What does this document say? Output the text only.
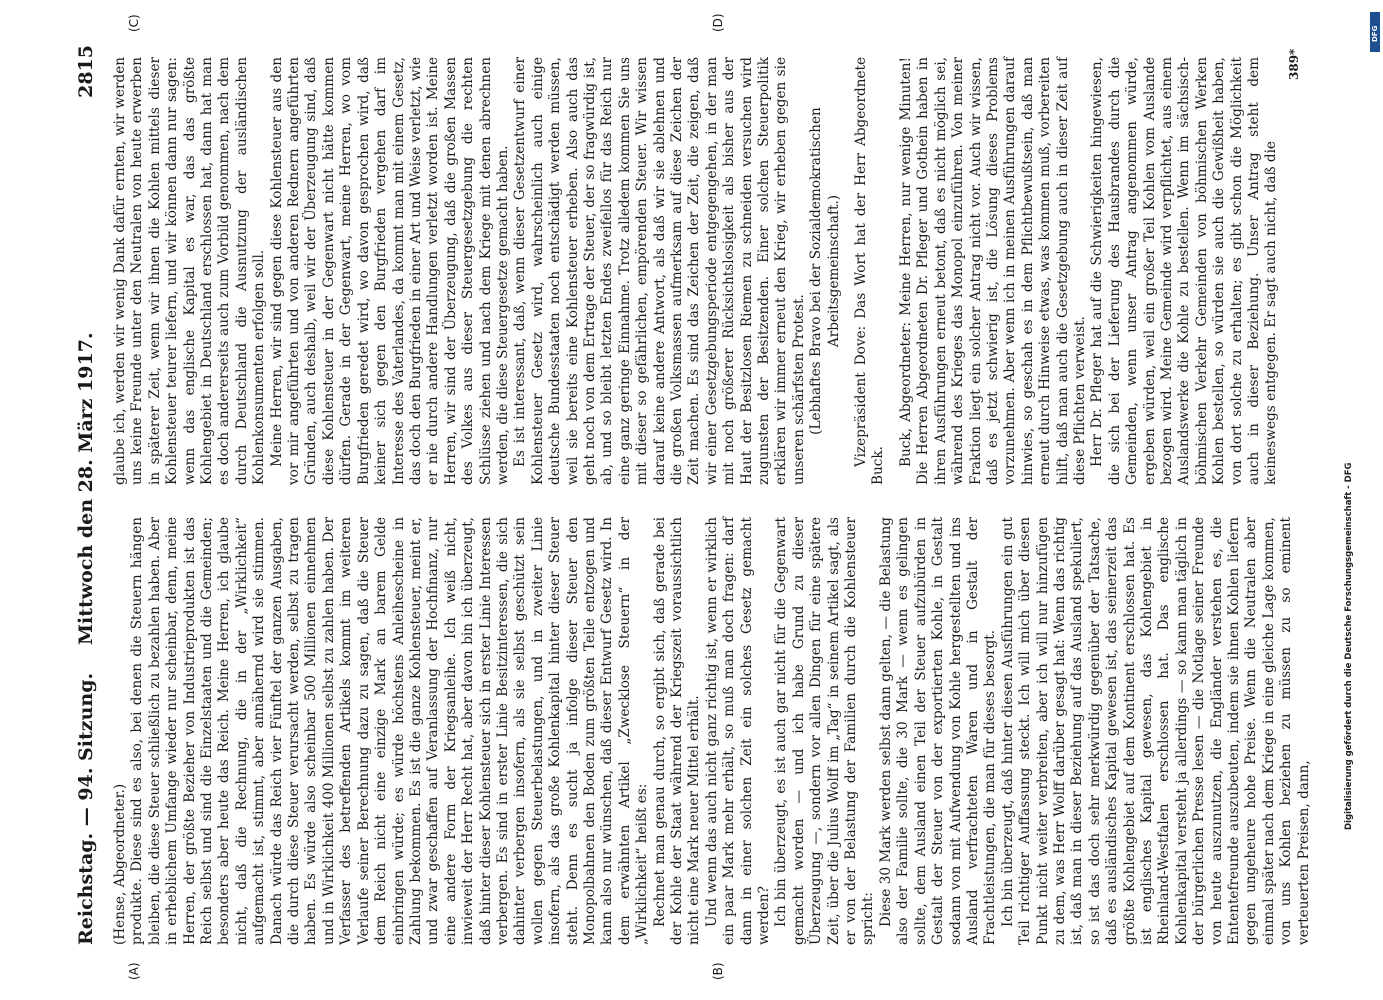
Reichstag. — 94. Sitzung.
Mittwoch den 28. März 1917.
2815
(A)	(B)
(C)	(D)

(Hense, Abgeordneter.) produkte. Diese sind es also, bei denen die Steuern hängen bleiben, die diese Steuer schließlich zu bezahlen haben. Aber in erheblichem Umfange wieder nur scheinbar, denn, meine Herren, der größte Bezieher von Industrieprodukten ist das Reich selbst und sind die Einzelstaaten und die Gemeinden; besonders aber heute das Reich. Meine Herren, ich glaube nicht, daß die Rechnung, die in der „Wirklichkeit“ aufgemacht ist, stimmt, aber annähernd wird sie stimmen. Danach würde das Reich vier Fünftel der ganzen Ausgaben, die durch diese Steuer verursacht werden, selbst zu tragen haben. Es würde also scheinbar 500 Millionen einnehmen und in Wirklichkeit 400 Millionen selbst zu zahlen haben. Der Verfasser des betreffenden Artikels kommt im weiteren Verlaufe seiner Berechnung dazu zu sagen, daß die Steuer dem Reich nicht eine einzige Mark an barem Gelde einbringen würde; es würde höchstens Anleihescheine in Zahlung bekommen. Es ist die ganze Kohlensteuer, meint er, und zwar geschaffen auf Veranlassung der Hochfinanz, nur eine andere Form der Kriegsanleihe. Ich weiß nicht, inwieweit der Herr Recht hat, aber davon bin ich überzeugt, daß hinter dieser Kohlensteuer sich in erster Linie Interessen verbergen. Es sind in erster Linie Besitzinteressen, die sich dahinter verbergen insofern, als sie selbst geschützt sein wollen gegen Steuerbelastungen, und in zweiter Linie insofern, als das große Kohlenkapital hinter dieser Steuer steht. Denn es sucht ja infolge dieser Steuer den Monopolbahnen den Boden zum größten Teile entzogen und kann also nur wünschen, daß dieser Entwurf Gesetz wird. In dem erwähnten Artikel „Zwecklose Steuern“ in der „Wirklichkeit“ heißt es: Rechnet man genau durch, so ergibt sich, daß gerade bei der Kohle der Staat während der Kriegszeit voraussichtlich nicht eine Mark neuer Mittel erhält. Und wenn das auch nicht ganz richtig ist, wenn er wirklich ein paar Mark mehr erhält, so muß man doch fragen: darf dann in einer solchen Zeit ein solches Gesetz gemacht werden? Ich bin überzeugt, es ist auch gar nicht für die Gegenwart gemacht worden — und ich habe Grund zu dieser Überzeugung —, sondern vor allen Dingen für eine spätere Zeit, über die Julius Wolff im „Tag“ in seinem Artikel sagt, als er von der Belastung der Familien durch die Kohlensteuer spricht: Diese 30 Mark werden selbst dann gelten, — die Belastung also der Familie sollte, die 30 Mark — wenn es gelingen sollte, dem Ausland einen Teil der Steuer aufzubürden in Gestalt der Steuer von der exportierten Kohle, in Gestalt sodann von mit Aufwendung von Kohle hergestellten und ins Ausland verfrachteten Waren und in Gestalt der Frachtleistungen, die man für dieses besorgt. Ich bin überzeugt, daß hinter diesen Ausführungen ein gut Teil richtiger Auffassung steckt. Ich will mich über diesen Punkt nicht weiter verbreiten, aber ich will nur hinzufügen zu dem, was Herr Wolff darüber gesagt hat: Wenn das richtig ist, daß man in dieser Beziehung auf das Ausland spekuliert, so ist das doch sehr merkwürdig gegenüber der Tatsache, daß es ausländisches Kapital gewesen ist, das seinerzeit das größte Kohlengebiet auf dem Kontinent erschlossen hat. Es ist englisches Kapital gewesen, das Kohlengebiet in Rheinland-Westfalen erschlossen hat. Das englische Kohlenkapital versteht ja allerdings — so kann man täglich in der bürgerlichen Presse lesen — die Notlage seiner Freunde von heute auszunutzen, die Engländer verstehen es, die Ententefreunde auszubeuten, indem sie ihnen Kohlen liefern gegen ungeheure hohe Preise. Wenn die Neutralen aber einmal später nach dem Kriege in eine gleiche Lage kommen, von uns Kohlen beziehen zu müssen zu so eminent verteuerten Preisen, dann,

glaube ich, werden wir wenig Dank dafür ernten, wir werden uns keine Freunde unter den Neutralen von heute erwerben in späterer Zeit, wenn wir ihnen die Kohlen mittels dieser Kohlensteuer teurer liefern, und wir können dann nur sagen: wenn das englische Kapital es war, das das größte Kohlengebiet in Deutschland erschlossen hat, dann hat man es doch andererseits auch zum Vorbild genommen, nach dem durch Deutschland die Ausnutzung der ausländischen Kohlenkonsumenten erfolgen soll. Meine Herren, wir sind gegen diese Kohlensteuer aus den vor mir angeführten und von anderen Rednern angeführten Gründen, auch deshalb, weil wir der Überzeugung sind, daß diese Kohlensteuer in der Gegenwart nicht hätte kommen dürfen. Gerade in der Gegenwart, meine Herren, wo vom Burgfrieden geredet wird, wo davon gesprochen wird, daß keiner sich gegen den Burgfrieden vergehen darf im Interesse des Vaterlandes, da kommt man mit einem Gesetz, das doch den Burgfrieden in einer Art und Weise verletzt, wie er nie durch andere Handlungen verletzt worden ist. Meine Herren, wir sind der Überzeugung, daß die großen Massen des Volkes aus dieser Steuergesetzgebung die rechten Schlüsse ziehen und nach dem Kriege mit denen abrechnen werden, die diese Steuergesetze gemacht haben. Es ist interessant, daß, wenn dieser Gesetzentwurf einer Kohlensteuer Gesetz wird, wahrscheinlich auch einige deutsche Bundesstaaten noch entschädigt werden müssen, weil sie bereits eine Kohlensteuer erheben. Also auch das geht noch von dem Ertrage der Steuer, der so fragwürdig ist, ab, und so bleibt letzten Endes zweifellos für das Reich nur eine ganz geringe Einnahme. Trotz alledem kommen Sie uns mit dieser so gefährlichen, empörenden Steuer. Wir wissen darauf keine andere Antwort, als daß wir sie ablehnen und die großen Volksmassen aufmerksam auf diese Zeichen der Zeit machen. Es sind das Zeichen der Zeit, die zeigen, daß wir einer Gesetzgebungsperiode entgegengehen, in der man mit noch größerer Rücksichtslosigkeit als bisher aus der Haut der Besitzlosen Riemen zu schneiden versuchen wird zugunsten der Besitzenden. Einer solchen Steuerpolitik erklären wir immer erneut den Krieg, wir erheben gegen sie unseren schärfsten Protest. (Lebhaftes Bravo bei der Sozialdemokratischen Arbeitsgemeinschaft.) Vizepräsident Dove: Das Wort hat der Herr Abgeordnete Buck. Buck, Abgeordneter: Meine Herren, nur wenige Minuten! Die Herren Abgeordneten Dr. Pfleger und Gothein haben in ihren Ausführungen erneut betont, daß es nicht möglich sei, während des Krieges das Monopol einzuführen. Von meiner Fraktion liegt ein solcher Antrag nicht vor. Auch wir wissen, daß es jetzt schwierig ist, die Lösung dieses Problems vorzunehmen. Aber wenn ich in meinen Ausführungen darauf hinwies, so geschah es in dem Pflichtbewußtsein, daß man erneut durch Hinweise etwas, was kommen muß, vorbereiten hilft, daß man auch die Gesetzgebung auch in dieser Zeit auf diese Pflichten verweist. Herr Dr. Pfleger hat auf die Schwierigkeiten hingewiesen, die sich bei der Lieferung des Hausbrandes durch die Gemeinden, wenn unser Antrag angenommen würde, ergeben würden, weil ein großer Teil Kohlen vom Auslande bezogen wird. Meine Gemeinde wird verpflichtet, aus einem Auslandswerke die Kohle zu bestellen. Wenn im sächsisch-böhmischen Verkehr Gemeinden von böhmischen Werken Kohlen bestellen, so würden sie auch die Gewißheit haben, von dort solche zu erhalten; es gibt schon die Möglichkeit auch in dieser Beziehung. Unser Antrag steht dem keineswegs entgegen. Er sagt auch nicht, daß die

389*
Digitalisierung gefördert durch die Deutsche Forschungsgemeinschaft - DFG
DFG
